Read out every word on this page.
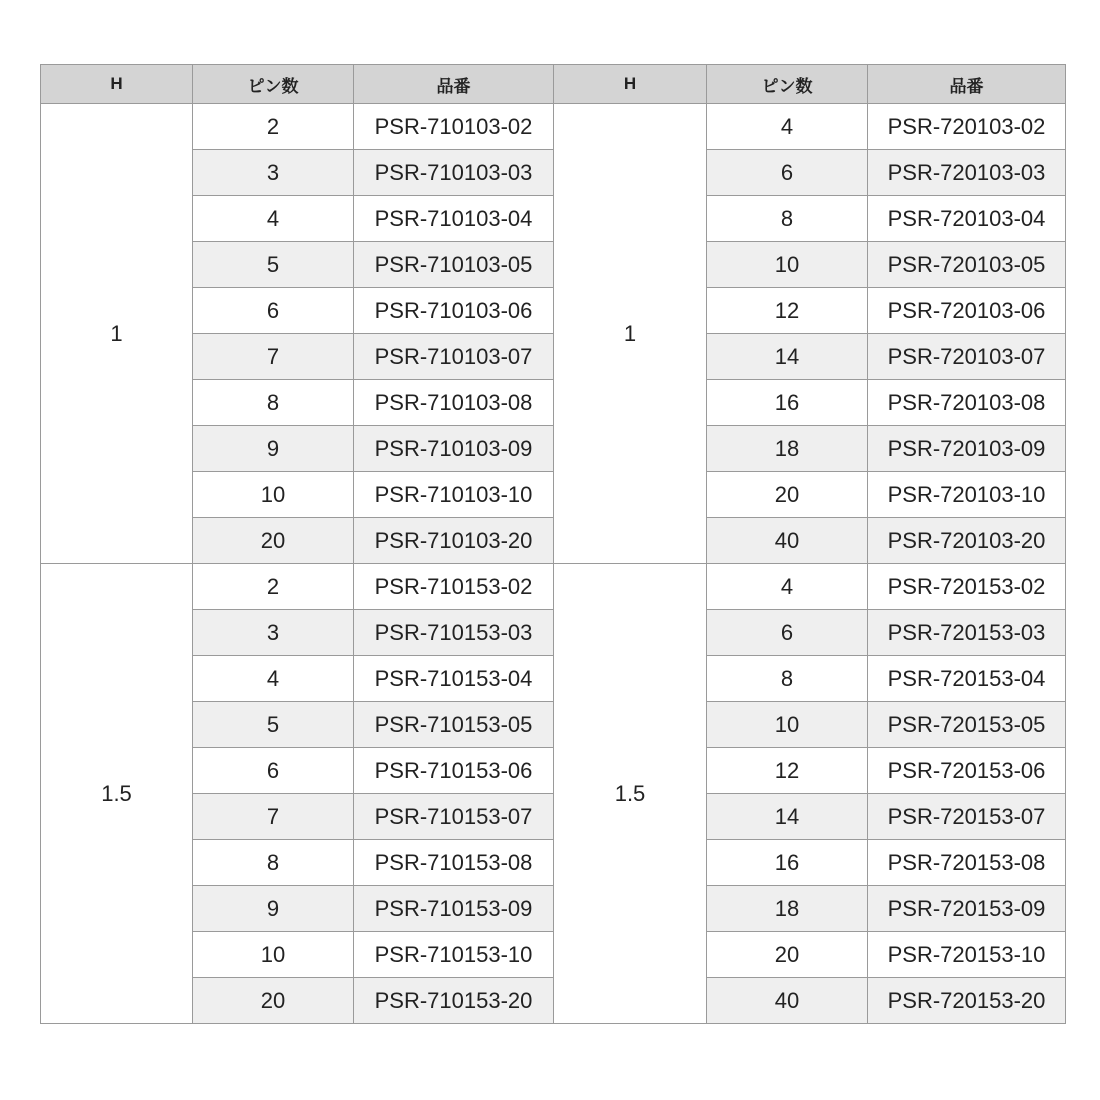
H	ピン数	品番	H	ピン数	品番
1	2	PSR-710103-02	1	4	PSR-720103-02
	3	PSR-710103-03		6	PSR-720103-03
	4	PSR-710103-04		8	PSR-720103-04
	5	PSR-710103-05		10	PSR-720103-05
	6	PSR-710103-06		12	PSR-720103-06
	7	PSR-710103-07		14	PSR-720103-07
	8	PSR-710103-08		16	PSR-720103-08
	9	PSR-710103-09		18	PSR-720103-09
	10	PSR-710103-10		20	PSR-720103-10
	20	PSR-710103-20		40	PSR-720103-20
1.5	2	PSR-710153-02	1.5	4	PSR-720153-02
	3	PSR-710153-03		6	PSR-720153-03
	4	PSR-710153-04		8	PSR-720153-04
	5	PSR-710153-05		10	PSR-720153-05
	6	PSR-710153-06		12	PSR-720153-06
	7	PSR-710153-07		14	PSR-720153-07
	8	PSR-710153-08		16	PSR-720153-08
	9	PSR-710153-09		18	PSR-720153-09
	10	PSR-710153-10		20	PSR-720153-10
	20	PSR-710153-20		40	PSR-720153-20
